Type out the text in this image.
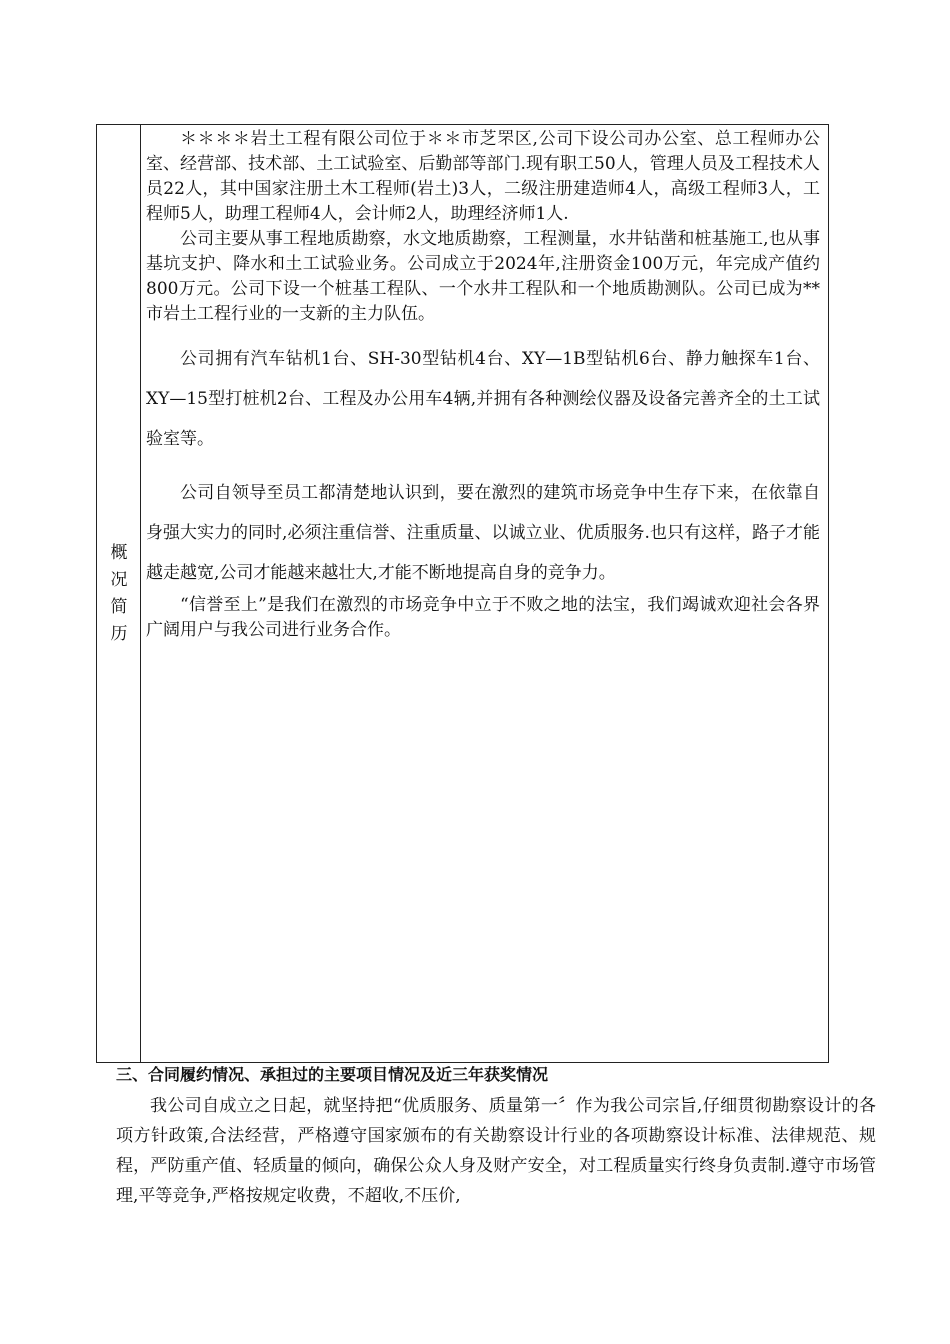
概
况
简
历

＊＊＊＊岩土工程有限公司位于＊＊市芝罘区,公司下设公司办公室、总工程师办公室、经营部、技术部、土工试验室、后勤部等部门.现有职工50人，管理人员及工程技术人员22人，其中国家注册土木工程师(岩土)3人，二级注册建造师4人，高级工程师3人，工程师5人，助理工程师4人，会计师2人，助理经济师1人.

公司主要从事工程地质勘察，水文地质勘察，工程测量，水井钻凿和桩基施工,也从事基坑支护、降水和土工试验业务。公司成立于2024年,注册资金100万元，年完成产值约800万元。公司下设一个桩基工程队、一个水井工程队和一个地质勘测队。公司已成为**市岩土工程行业的一支新的主力队伍。

公司拥有汽车钻机1台、SH-30型钻机4台、XY—1B型钻机6台、静力触探车1台、XY—15型打桩机2台、工程及办公用车4辆,并拥有各种测绘仪器及设备完善齐全的土工试验室等。

公司自领导至员工都清楚地认识到，要在激烈的建筑市场竞争中生存下来，在依靠自身强大实力的同时,必须注重信誉、注重质量、以诚立业、优质服务.也只有这样，路子才能越走越宽,公司才能越来越壮大,才能不断地提高自身的竞争力。

“信誉至上”是我们在激烈的市场竞争中立于不败之地的法宝，我们竭诚欢迎社会各界广阔用户与我公司进行业务合作。

三、合同履约情况、承担过的主要项目情况及近三年获奖情况

我公司自成立之日起，就坚持把“优质服务、质量第一〞作为我公司宗旨,仔细贯彻勘察设计的各项方针政策,合法经营，严格遵守国家颁布的有关勘察设计行业的各项勘察设计标准、法律规范、规程，严防重产值、轻质量的倾向，确保公众人身及财产安全，对工程质量实行终身负责制.遵守市场管理,平等竞争,严格按规定收费，不超收,不压价,
